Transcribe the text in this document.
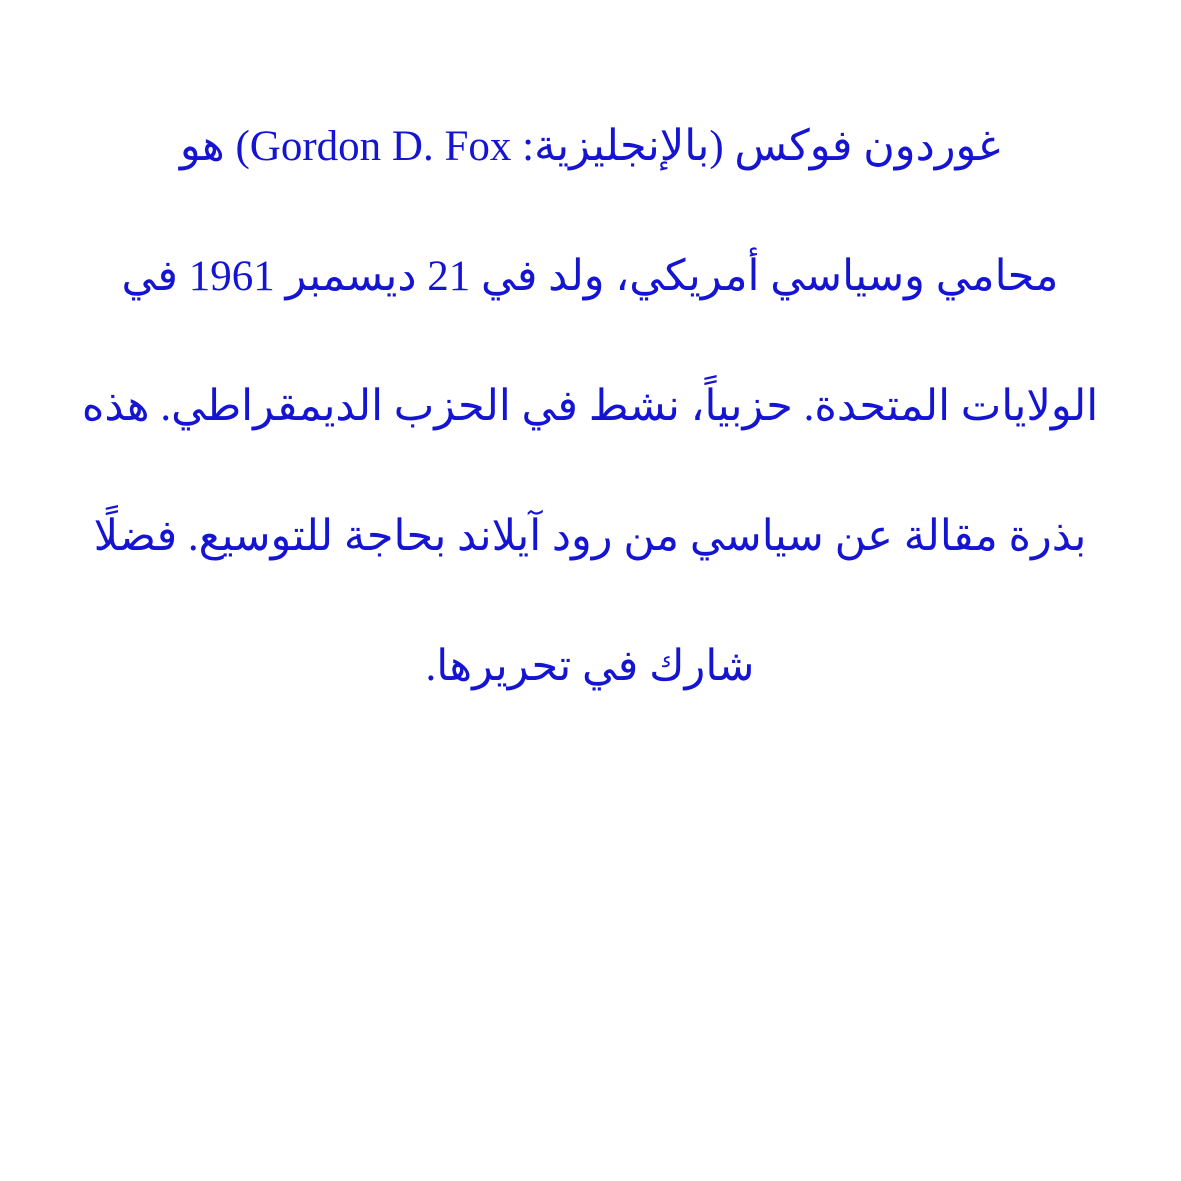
غوردون فوكس (بالإنجليزية: Gordon D. Fox) هو
محامي وسياسي أمريكي، ولد في 21 ديسمبر 1961 في
الولايات المتحدة. حزبياً، نشط في الحزب الديمقراطي. هذه
بذرة مقالة عن سياسي من رود آيلاند بحاجة للتوسيع. فضلًا
شارك في تحريرها.
